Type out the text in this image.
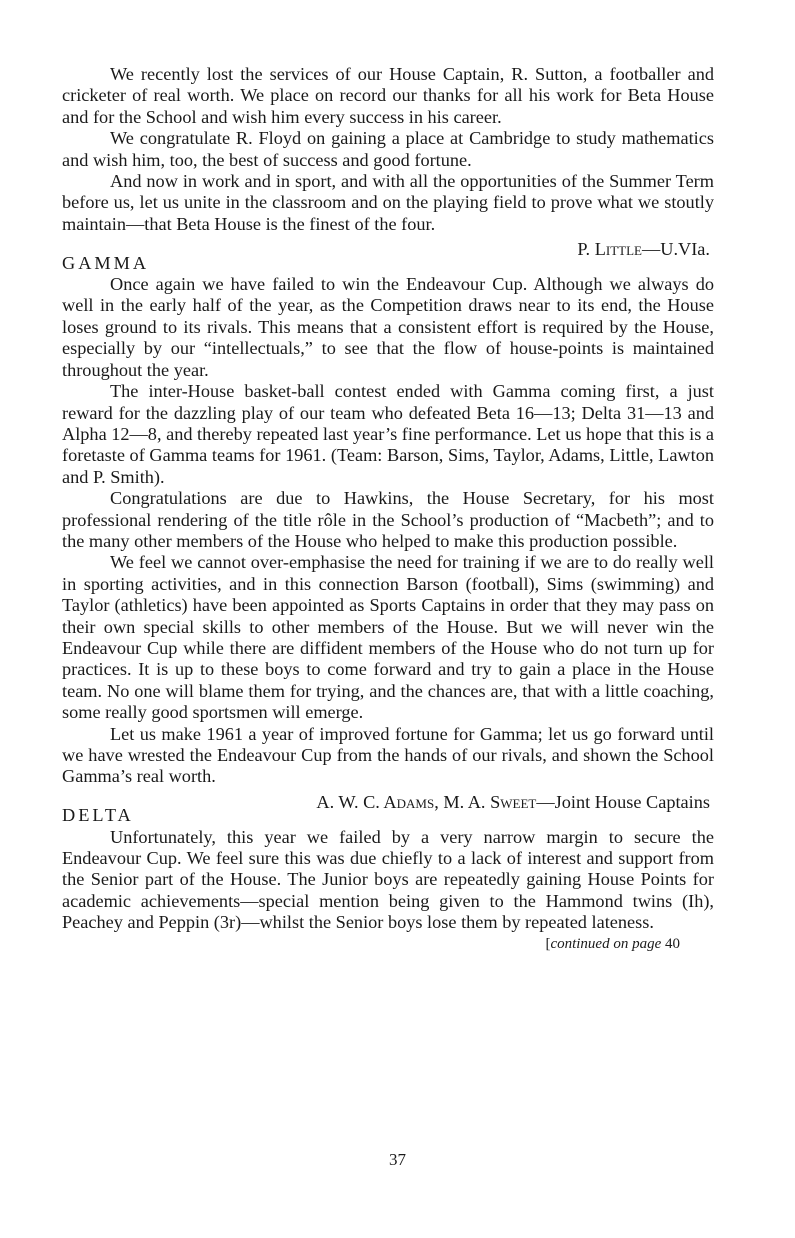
We recently lost the services of our House Captain, R. Sutton, a footballer and cricketer of real worth. We place on record our thanks for all his work for Beta House and for the School and wish him every success in his career.

We congratulate R. Floyd on gaining a place at Cambridge to study mathematics and wish him, too, the best of success and good fortune.

And now in work and in sport, and with all the opportunities of the Summer Term before us, let us unite in the classroom and on the playing field to prove what we stoutly maintain—that Beta House is the finest of the four.

P. Little—U.VIa.
GAMMA

Once again we have failed to win the Endeavour Cup. Although we always do well in the early half of the year, as the Competition draws near to its end, the House loses ground to its rivals. This means that a consistent effort is required by the House, especially by our “intellectuals,” to see that the flow of house-points is maintained throughout the year.

The inter-House basket-ball contest ended with Gamma coming first, a just reward for the dazzling play of our team who defeated Beta 16—13; Delta 31—13 and Alpha 12—8, and thereby repeated last year’s fine performance. Let us hope that this is a foretaste of Gamma teams for 1961. (Team: Barson, Sims, Taylor, Adams, Little, Lawton and P. Smith).

Congratulations are due to Hawkins, the House Secretary, for his most professional rendering of the title rôle in the School’s production of “Macbeth”; and to the many other members of the House who helped to make this production possible.

We feel we cannot over-emphasise the need for training if we are to do really well in sporting activities, and in this connection Barson (football), Sims (swimming) and Taylor (athletics) have been appointed as Sports Captains in order that they may pass on their own special skills to other members of the House. But we will never win the Endeavour Cup while there are diffident members of the House who do not turn up for practices. It is up to these boys to come forward and try to gain a place in the House team. No one will blame them for trying, and the chances are, that with a little coaching, some really good sportsmen will emerge.

Let us make 1961 a year of improved fortune for Gamma; let us go forward until we have wrested the Endeavour Cup from the hands of our rivals, and shown the School Gamma’s real worth.

A. W. C. Adams, M. A. Sweet—Joint House Captains
DELTA

Unfortunately, this year we failed by a very narrow margin to secure the Endeavour Cup. We feel sure this was due chiefly to a lack of interest and support from the Senior part of the House. The Junior boys are repeatedly gaining House Points for academic achievements—special mention being given to the Hammond twins (Ih), Peachey and Peppin (3r)—whilst the Senior boys lose them by repeated lateness.

[continued on page 40
37
